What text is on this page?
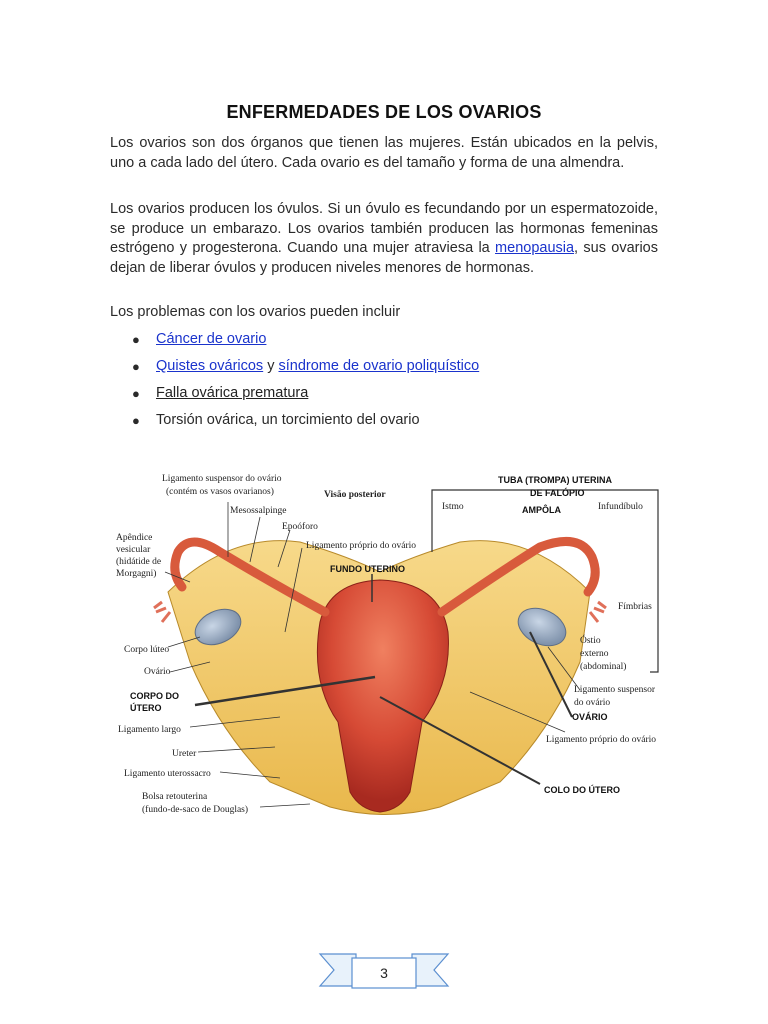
ENFERMEDADES DE LOS OVARIOS

Los ovarios son dos órganos que tienen las mujeres. Están ubicados en la pelvis, uno a cada lado del útero. Cada ovario es del tamaño y forma de una almendra.

Los ovarios producen los óvulos. Si un óvulo es fecundando por un espermatozoide, se produce un embarazo. Los ovarios también producen las hormonas femeninas estrógeno y progesterona. Cuando una mujer atraviesa la menopausia, sus ovarios dejan de liberar óvulos y producen niveles menores de hormonas.

Los problemas con los ovarios pueden incluir

● Cáncer de ovario
● Quistes ováricos y síndrome de ovario poliquístico
● Falla ovárica prematura
● Torsión ovárica, un torcimiento del ovario
Ligamento suspensor do ovário
(contém os vasos ovarianos)	Visão posterior
Mesossalpinge
Epoóforo
Apêndice
vesicular
(hidátide de
Morgagni)
Ligamento próprio do ovário
FUNDO UTERINO
Corpo lúteo
Ovário
CORPO DO
ÚTERO
Ligamento largo
Ureter
Ligamento uterossacro
Bolsa retouterina
(fundo-de-saco de Douglas)
TUBA (TROMPA) UTERINA
DE FALÓPIO
Istmo	AMPÔLA	Infundíbulo
Fímbrias
Óstio
externo
(abdominal)
Ligamento suspensor
do ovário
OVÁRIO
Ligamento próprio do ovário
COLO DO ÚTERO
3
